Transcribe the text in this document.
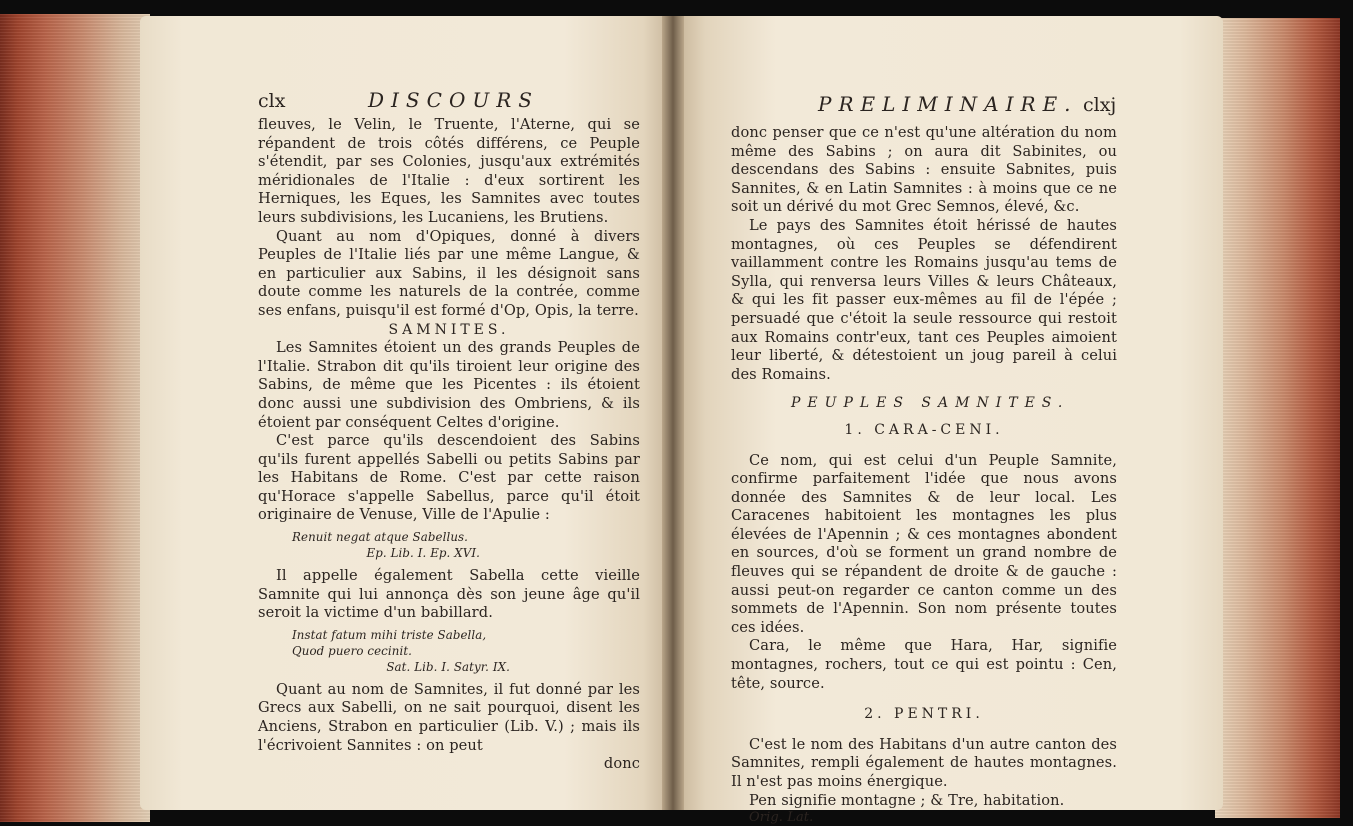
clx	DISCOURS

fleuves, le Velin, le Truente, l'Aterne, qui se répandent de trois côtés différens, ce Peuple s'étendit, par ses Colonies, jusqu'aux extrémités méridionales de l'Italie : d'eux sortirent les Herniques, les Eques, les Samnites avec toutes leurs subdivisions, les Lucaniens, les Brutiens.

Quant au nom d'Opiques, donné à divers Peuples de l'Italie liés par une même Langue, & en particulier aux Sabins, il les désignoit sans doute comme les naturels de la contrée, comme ses enfans, puisqu'il est formé d'Op, Opis, la terre.

SAMNITES.

Les Samnites étoient un des grands Peuples de l'Italie. Strabon dit qu'ils tiroient leur origine des Sabins, de même que les Picentes : ils étoient donc aussi une subdivision des Ombriens, & ils étoient par conséquent Celtes d'origine.

C'est parce qu'ils descendoient des Sabins qu'ils furent appellés Sabelli ou petits Sabins par les Habitans de Rome. C'est par cette raison qu'Horace s'appelle Sabellus, parce qu'il étoit originaire de Venuse, Ville de l'Apulie :

Renuit negat atque Sabellus.

Ep. Lib. I. Ep. XVI.

Il appelle également Sabella cette vieille Samnite qui lui annonça dès son jeune âge qu'il seroit la victime d'un babillard.

Instat fatum mihi triste Sabella,

Quod puero cecinit.

Sat. Lib. I. Satyr. IX.

Quant au nom de Samnites, il fut donné par les Grecs aux Sabelli, on ne sait pourquoi, disent les Anciens, Strabon en particulier (Lib. V.) ; mais ils l'écrivoient Sannites : on peut

donc

PRELIMINAIRE. clxj

donc penser que ce n'est qu'une altération du nom même des Sabins ; on aura dit Sabinites, ou descendans des Sabins : ensuite Sabnites, puis Sannites, & en Latin Samnites : à moins que ce ne soit un dérivé du mot Grec Semnos, élevé, &c.

Le pays des Samnites étoit hérissé de hautes montagnes, où ces Peuples se défendirent vaillamment contre les Romains jusqu'au tems de Sylla, qui renversa leurs Villes & leurs Châteaux, & qui les fit passer eux-mêmes au fil de l'épée ; persuadé que c'étoit la seule ressource qui restoit aux Romains contr'eux, tant ces Peuples aimoient leur liberté, & détestoient un joug pareil à celui des Romains.

PEUPLES SAMNITES.

1. CARA-CENI.

Ce nom, qui est celui d'un Peuple Samnite, confirme parfaitement l'idée que nous avons donnée des Samnites & de leur local. Les Caracenes habitoient les montagnes les plus élevées de l'Apennin ; & ces montagnes abondent en sources, d'où se forment un grand nombre de fleuves qui se répandent de droite & de gauche : aussi peut-on regarder ce canton comme un des sommets de l'Apennin. Son nom présente toutes ces idées.

Cara, le même que Hara, Har, signifie montagnes, rochers, tout ce qui est pointu : Cen, tête, source.

2. PENTRI.

C'est le nom des Habitans d'un autre canton des Samnites, rempli également de hautes montagnes. Il n'est pas moins énergique.

Pen signifie montagne ; & Tre, habitation.

Orig. Lat.
